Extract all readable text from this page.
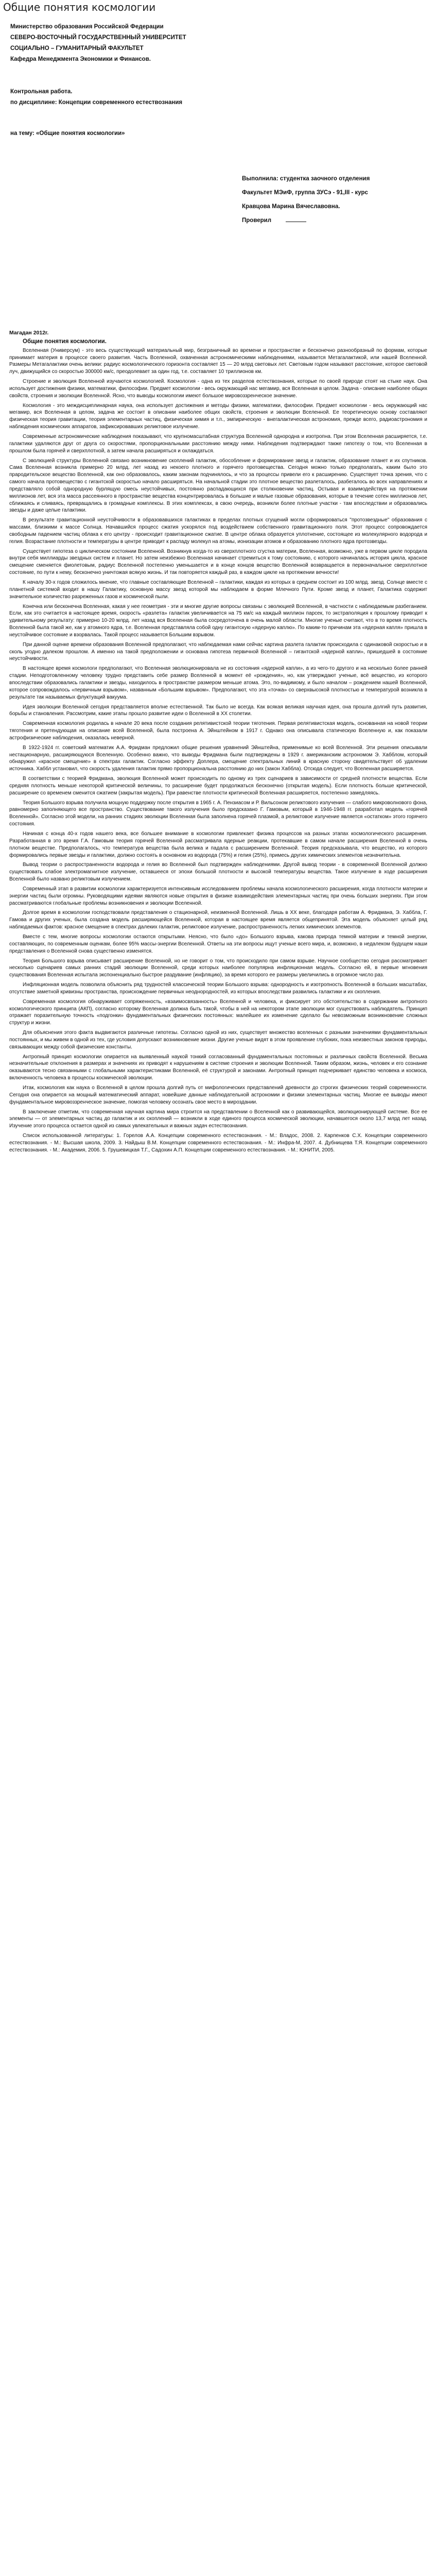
Общие понятия космологии
Министерство образования Российской Федерации
СЕВЕРО-ВОСТОЧНЫЙ ГОСУДАРСТВЕННЫЙ УНИВЕРСИТЕТ
СОЦИАЛЬНО – ГУМАНИТАРНЫЙ ФАКУЛЬТЕТ
Кафедра Менеджмента Экономики и Финансов.
Контрольная работа.
по дисциплине: Концепции современного естествознания
на тему: «Общие понятия космологии»
Выполнила: студентка заочного отделения
Факультет МЭиФ, группа ЗУСэ - 91,III - курс
Кравцова Марина Вячеславовна.
Проверил
Магадан 2012г.
Общие понятия космологии.

Вселенная (Универсум) - это весь существующий материальный мир, безграничный во времени и пространстве и бесконечно разнообразный по формам, которые принимает материя в процессе своего развития. Часть Вселенной, охваченная астрономическими наблюдениями, называется Метагалактикой, или нашей Вселенной. Размеры Метагалактики очень велики: радиус космологического горизонта составляет 15 — 20 млрд световых лет. Световым годом называют расстояние, которое световой луч, движущийся со скоростью 300000 км/с, преодолевает за один год, т.е. составляет 10 триллионов км.

Строение и эволюция Вселенной изучаются космологией. Космология - одна из тех разделов естествознания, которые по своей природе стоят на стыке наук. Она использует достижения физики, математики, философии. Предмет космологии - весь окружающий нас мегамир, вся Вселенная в целом. Задача - описание наиболее общих свойств, строения и эволюции Вселенной. Ясно, что выводы космологии имеют большое мировоззренческое значение.

Космология - это междисциплинарная наука, она использует достижения и методы физики, математики, философии. Предмет космологии - весь окружающий нас мегамир, вся Вселенная в целом, задача же состоит в описании наиболее общих свойств, строения и эволюции Вселенной. Ее теоретическую основу составляют физическая теория гравитации, теория элементарных частиц, физическая химия и т.п., эмпирическую - внегалактическая астрономия, прежде всего, радиоастрономия и наблюдения космических аппаратов, зафиксировавших реликтовое излучение.

Современные астрономические наблюдения показывают, что крупномасштабная структура Вселенной однородна и изотропна. При этом Вселенная расширяется, т.е. галактики удаляются друг от друга со скоростями, пропорциональными расстоянию между ними. Наблюдения подтверждают также гипотезу о том, что Вселенная в прошлом была горячей и сверхплотной, а затем начала расширяться и охлаждаться.

С эволюцией структуры Вселенной связано возникновение скоплений галактик, обособление и формирование звезд и галактик, образование планет и их спутников. Сама Вселенная возникла примерно 20 млрд. лет назад из некоего плотного и горячего протовещества. Сегодня можно только предполагать, каким было это прародительское вещество Вселенной, как оно образовалось, каким законам подчинялось, и что за процессы привели его к расширению. Существует точка зрения, что с самого начала протовещество с гигантской скоростью начало расширяться. На начальной стадии это плотное вещество разлеталось, разбегалось во всех направлениях и представляло собой однородную бурлящую смесь неустойчивых, постоянно распадающихся при столкновении частиц. Остывая и взаимодействуя на протяжении миллионов лет, вся эта масса рассеянного в пространстве вещества концентрировалась в большие и малые газовые образования, которые в течение сотен миллионов лет, сближаясь и сливаясь, превращались в громадные комплексы. В этих комплексах, в свою очередь, возникли более плотные участки - там впоследствии и образовались звезды и даже целые галактики.

В результате гравитационной неустойчивости в образовавшихся галактиках в пределах плотных сгущений могли сформироваться "протозвездные" образования с массами, близкими к массе Солнца. Начавшийся процесс сжатия ускорялся под воздействием собственного гравитационного поля. Этот процесс сопровождается свободным падением частиц облака к его центру - происходит гравитационное сжатие. В центре облака образуется уплотнение, состоящее из молекулярного водорода и гелия. Возрастание плотности и температуры в центре приводит к распаду молекул на атомы, ионизации атомов и образованию плотного ядра протозвезды.

Существует гипотеза о циклическом состоянии Вселенной. Возникнув когда-то из сверхплотного сгустка материи, Вселенная, возможно, уже в первом цикле породила внутри себя миллиарды звездных систем и планет. Но затем неизбежно Вселенная начинает стремиться к тому состоянию, с которого начиналась история цикла, красное смещение сменяется фиолетовым, радиус Вселенной постепенно уменьшается и в конце концов вещество Вселенной возвращается в первоначальное сверхплотное состояние, по пути к нему, бесконечно уничтожая всякую жизнь. И так повторяется каждый раз, в каждом цикле на протяжении вечности!

К началу 30-х годов сложилось мнение, что главные составляющие Вселенной – галактики, каждая из которых в среднем состоит из 100 млрд. звезд. Солнце вместе с планетной системой входит в нашу Галактику, основную массу звезд которой мы наблюдаем в форме Млечного Пути. Кроме звезд и планет, Галактика содержит значительное количество разреженных газов и космической пыли.

Конечна или бесконечна Вселенная, какая у нее геометрия - эти и многие другие вопросы связаны с эволюцией Вселенной, в частности с наблюдаемым разбеганием. Если, как это считается в настоящее время, скорость «разлета» галактик увеличивается на 75 км/с на каждый миллион парсек, то экстраполяция к прошлому приводит к удивительному результату: примерно 10-20 млрд. лет назад вся Вселенная была сосредоточена в очень малой области. Многие ученые считают, что в то время плотность Вселенной была такой же, как у атомного ядра, т.е. Вселенная представляла собой одну гигантскую «ядерную каплю». По каким-то причинам эта «ядерная капля» пришла в неустойчивое состояние и взорвалась. Такой процесс называется Большим взрывом.

При данной оценке времени образования Вселенной предполагают, что наблюдаемая нами сейчас картина разлета галактик происходила с одинаковой скоростью и в сколь угодно далеком прошлом. А именно на такой предположении и основана гипотеза первичной Вселенной – гигантской «ядерной капли», пришедшей в состояние неустойчивости.

В настоящее время космологи предполагают, что Вселенная эволюционировала не из состояния «ядерной капли», а из чего-то другого и на несколько более ранней стадии. Неподготовленному человеку трудно представить себе размер Вселенной в момент её «рождения», но, как утверждают ученые, всё вещество, из которого впоследствии образовались галактики и звезды, находилось в пространстве размером меньше атома. Это, по-видимому, и было началом – рождением нашей Вселенной, которое сопровождалось «первичным взрывом», названным «Большим взрывом». Предполагают, что эта «точка» со сверхвысокой плотностью и температурой возникла в результате так называемых флуктуаций вакуума.

Идея эволюции Вселенной сегодня представляется вполне естественной. Так было не всегда. Как всякая великая научная идея, она прошла долгий путь развития, борьбы и становления. Рассмотрим, какие этапы прошло развитие идеи о Вселенной в XX столетии.

Современная космология родилась в начале 20 века после создания релятивистской теории тяготения. Первая релятивистская модель, основанная на новой теории тяготения и претендующая на описание всей Вселенной, была построена А. Эйнштейном в 1917 г. Однако она описывала статическую Вселенную и, как показали астрофизические наблюдения, оказалась неверной.

В 1922-1924 гг. советский математик А.А. Фридман предложил общие решения уравнений Эйнштейна, применимые ко всей Вселенной. Эти решения описывали нестационарную, расширяющуюся Вселенную. Особенно важно, что выводы Фридмана были подтверждены в 1929 г. американским астрономом Э. Хабблом, который обнаружил «красное смещение» в спектрах галактик. Согласно эффекту Доплера, смещение спектральных линий в красную сторону свидетельствует об удалении источника. Хаббл установил, что скорость удаления галактик прямо пропорциональна расстоянию до них (закон Хаббла). Отсюда следует, что Вселенная расширяется.

В соответствии с теорией Фридмана, эволюция Вселенной может происходить по одному из трех сценариев в зависимости от средней плотности вещества. Если средняя плотность меньше некоторой критической величины, то расширение будет продолжаться бесконечно (открытая модель). Если плотность больше критической, расширение со временем сменится сжатием (закрытая модель). При равенстве плотности критической Вселенная расширяется, постепенно замедляясь.

Теория Большого взрыва получила мощную поддержку после открытия в 1965 г. А. Пензиасом и Р. Вильсоном реликтового излучения — слабого микроволнового фона, равномерно заполняющего все пространство. Существование такого излучения было предсказано Г. Гамовым, который в 1946-1948 гг. разработал модель «горячей Вселенной». Согласно этой модели, на ранних стадиях эволюции Вселенная была заполнена горячей плазмой, а реликтовое излучение является «остатком» этого горячего состояния.

Начиная с конца 40-х годов нашего века, все большее внимание в космологии привлекает физика процессов на разных этапах космологического расширения. Разработанная в это время Г.А. Гамовым теория горячей Вселенной рассматривала ядерные реакции, протекавшие в самом начале расширения Вселенной в очень плотном веществе. Предполагалось, что температура вещества была велика и падала с расширением Вселенной. Теория предсказывала, что вещество, из которого формировались первые звезды и галактики, должно состоять в основном из водорода (75%) и гелия (25%), примесь других химических элементов незначительна.

Вывод теории о распространенности водорода и гелия во Вселенной был подтвержден наблюдениями. Другой вывод теории - в современной Вселенной должно существовать слабое электромагнитное излучение, оставшееся от эпохи большой плотности и высокой температуры вещества. Такое излучение в ходе расширения Вселенной было названо реликтовым излучением.

Современный этап в развитии космологии характеризуется интенсивным исследованием проблемы начала космологического расширения, когда плотности материи и энергии частиц были огромны. Руководящими идеями являются новые открытия в физике взаимодействия элементарных частиц при очень больших энергиях. При этом рассматриваются глобальные проблемы возникновения и эволюции Вселенной.

Долгое время в космологии господствовали представления о стационарной, неизменной Вселенной. Лишь в XX веке, благодаря работам А. Фридмана, Э. Хаббла, Г. Гамова и других ученых, была создана модель расширяющейся Вселенной, которая в настоящее время является общепринятой. Эта модель объясняет целый ряд наблюдаемых фактов: красное смещение в спектрах далеких галактик, реликтовое излучение, распространенность легких химических элементов.

Вместе с тем, многие вопросы космологии остаются открытыми. Неясно, что было «до» Большого взрыва, какова природа темной материи и темной энергии, составляющих, по современным оценкам, более 95% массы-энергии Вселенной. Ответы на эти вопросы ищут ученые всего мира, и, возможно, в недалеком будущем наши представления о Вселенной снова существенно изменятся.

Теория Большого взрыва описывает расширение Вселенной, но не говорит о том, что происходило при самом взрыве. Научное сообщество сегодня рассматривает несколько сценариев самых ранних стадий эволюции Вселенной, среди которых наиболее популярна инфляционная модель. Согласно ей, в первые мгновения существования Вселенная испытала экспоненциально быстрое раздувание (инфляцию), за время которого ее размеры увеличились в огромное число раз.

Инфляционная модель позволила объяснить ряд трудностей классической теории Большого взрыва: однородность и изотропность Вселенной в больших масштабах, отсутствие заметной кривизны пространства, происхождение первичных неоднородностей, из которых впоследствии развились галактики и их скопления.

Современная космология обнаруживает сопряженность, «взаимосвязанность» Вселенной и человека, и фиксирует это обстоятельство в содержании антропного космологического принципа (АКП), согласно которому Вселенная должна быть такой, чтобы в ней на некотором этапе эволюции мог существовать наблюдатель. Принцип отражает поразительную точность «подгонки» фундаментальных физических постоянных: малейшее их изменение сделало бы невозможным возникновение сложных структур и жизни.

Для объяснения этого факта выдвигаются различные гипотезы. Согласно одной из них, существует множество вселенных с разными значениями фундаментальных постоянных, и мы живем в одной из тех, где условия допускают возникновение жизни. Другие ученые видят в этом проявление глубоких, пока неизвестных законов природы, связывающих между собой физические константы.

Антропный принцип космологии опирается на выявленный наукой тонкий согласованный фундаментальных постоянных и различных свойств Вселенной. Весьма незначительные отклонения в размерах и значениях их приводят к нарушениям в системе строения и эволюции Вселенной. Таким образом, жизнь, человек и его сознание оказываются тесно связанными с глобальными характеристиками Вселенной, её структурой и законами. Антропный принцип подчеркивает единство человека и космоса, включенность человека в процессы космической эволюции.

Итак, космология как наука о Вселенной в целом прошла долгий путь от мифологических представлений древности до строгих физических теорий современности. Сегодня она опирается на мощный математический аппарат, новейшие данные наблюдательной астрономии и физики элементарных частиц. Многие ее выводы имеют фундаментальное мировоззренческое значение, помогая человеку осознать свое место в мироздании.

В заключение отметим, что современная научная картина мира строится на представлении о Вселенной как о развивающейся, эволюционирующей системе. Все ее элементы — от элементарных частиц до галактик и их скоплений — возникли в ходе единого процесса космической эволюции, начавшегося около 13,7 млрд лет назад. Изучение этого процесса остается одной из самых увлекательных и важных задач естествознания.

Список использованной литературы: 1. Горелов А.А. Концепции современного естествознания. - М.: Владос, 2008. 2. Карпенков С.Х. Концепции современного естествознания. - М.: Высшая школа, 2009. 3. Найдыш В.М. Концепции современного естествознания. - М.: Инфра-М, 2007. 4. Дубнищева Т.Я. Концепции современного естествознания. - М.: Академия, 2006. 5. Грушевицкая Т.Г., Садохин А.П. Концепции современного естествознания. - М.: ЮНИТИ, 2005.
